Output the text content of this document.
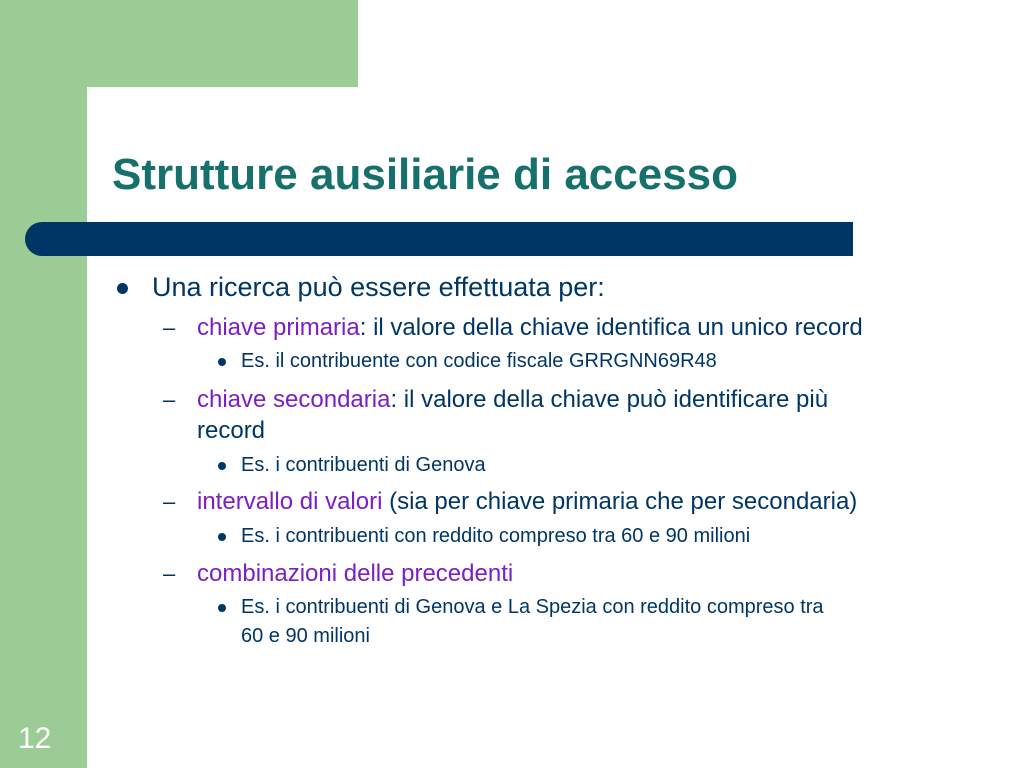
Strutture ausiliarie di accesso
Una ricerca può essere effettuata per:
– chiave primaria: il valore della chiave identifica un unico record
Es. il contribuente con codice fiscale GRRGNN69R48
– chiave secondaria: il valore della chiave può identificare più
record
Es. i contribuenti di Genova
– intervallo di valori (sia per chiave primaria che per secondaria)
Es. i contribuenti con reddito compreso tra 60 e 90 milioni
– combinazioni delle precedenti
Es. i contribuenti di Genova e La Spezia con reddito compreso tra
60 e 90 milioni
12
